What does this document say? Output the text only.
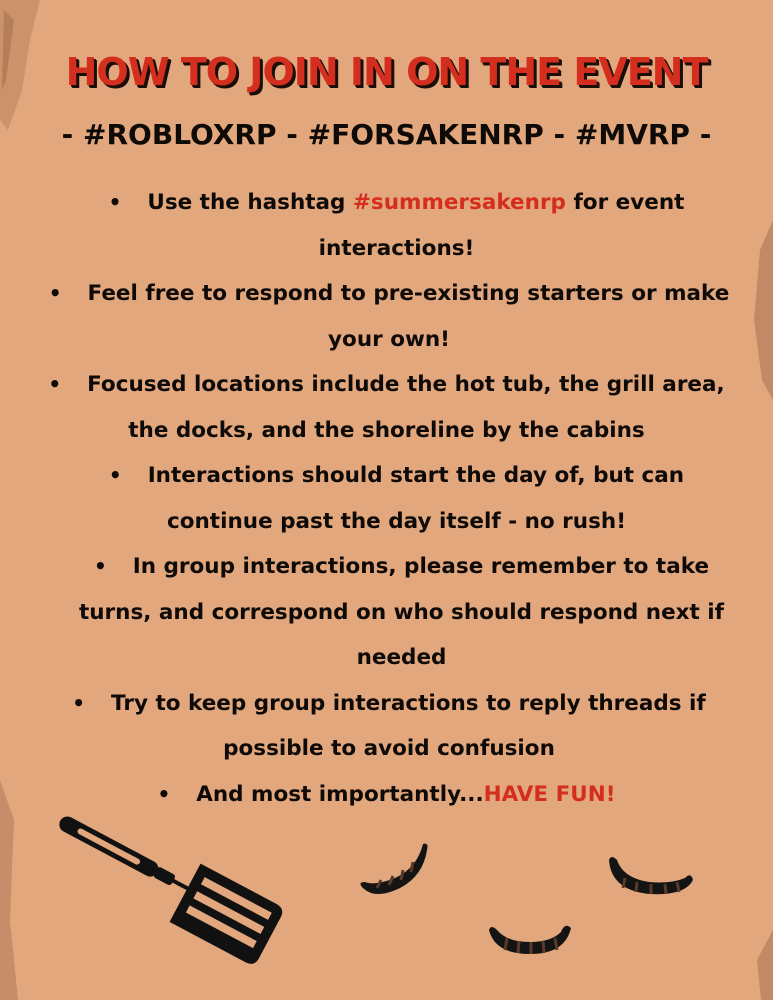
HOW TO JOIN IN ON THE EVENT

- #ROBLOXRP - #FORSAKENRP - #MVRP -

• Use the hashtag #summersakenrp for event interactions!
• Feel free to respond to pre-existing starters or make your own!
• Focused locations include the hot tub, the grill area, the docks, and the shoreline by the cabins
• Interactions should start the day of, but can continue past the day itself - no rush!
• In group interactions, please remember to take turns, and correspond on who should respond next if needed
• Try to keep group interactions to reply threads if possible to avoid confusion
• And most importantly...HAVE FUN!
